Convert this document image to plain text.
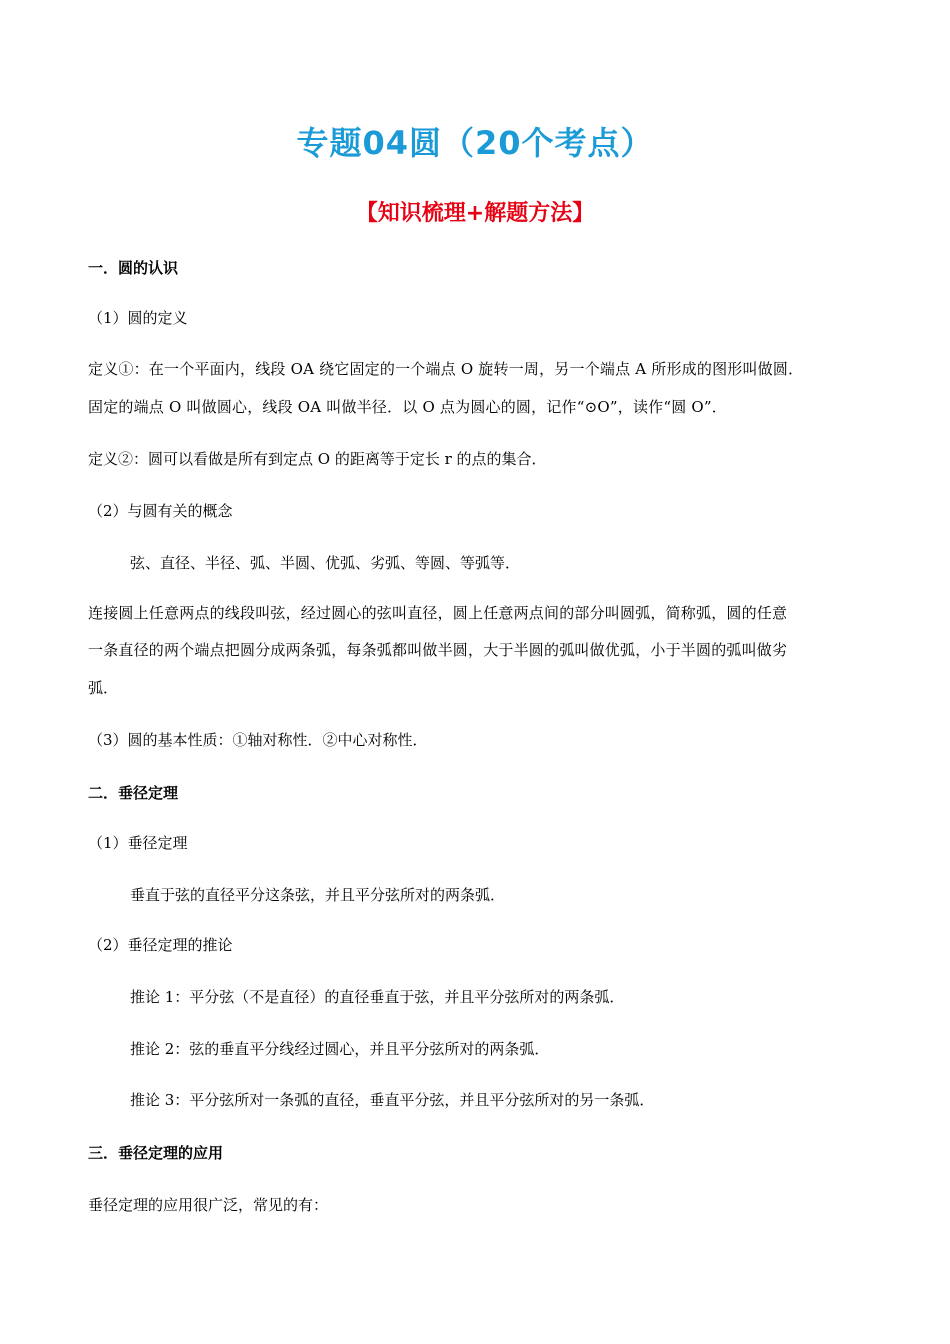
专题04圆（20个考点）
【知识梳理+解题方法】
一．圆的认识
（1）圆的定义
定义①：在一个平面内，线段 OA 绕它固定的一个端点 O 旋转一周，另一个端点 A 所形成的图形叫做圆．
固定的端点 O 叫做圆心，线段 OA 叫做半径．以 O 点为圆心的圆，记作“⊙O”，读作“圆 O”．
定义②：圆可以看做是所有到定点 O 的距离等于定长 r 的点的集合．
（2）与圆有关的概念
弦、直径、半径、弧、半圆、优弧、劣弧、等圆、等弧等．
连接圆上任意两点的线段叫弦，经过圆心的弦叫直径，圆上任意两点间的部分叫圆弧，简称弧，圆的任意
一条直径的两个端点把圆分成两条弧，每条弧都叫做半圆，大于半圆的弧叫做优弧，小于半圆的弧叫做劣
弧．
（3）圆的基本性质：①轴对称性．②中心对称性．
二．垂径定理
（1）垂径定理
垂直于弦的直径平分这条弦，并且平分弦所对的两条弧．
（2）垂径定理的推论
推论 1：平分弦（不是直径）的直径垂直于弦，并且平分弦所对的两条弧．
推论 2：弦的垂直平分线经过圆心，并且平分弦所对的两条弧．
推论 3：平分弦所对一条弧的直径，垂直平分弦，并且平分弦所对的另一条弧．
三．垂径定理的应用
垂径定理的应用很广泛，常见的有：
